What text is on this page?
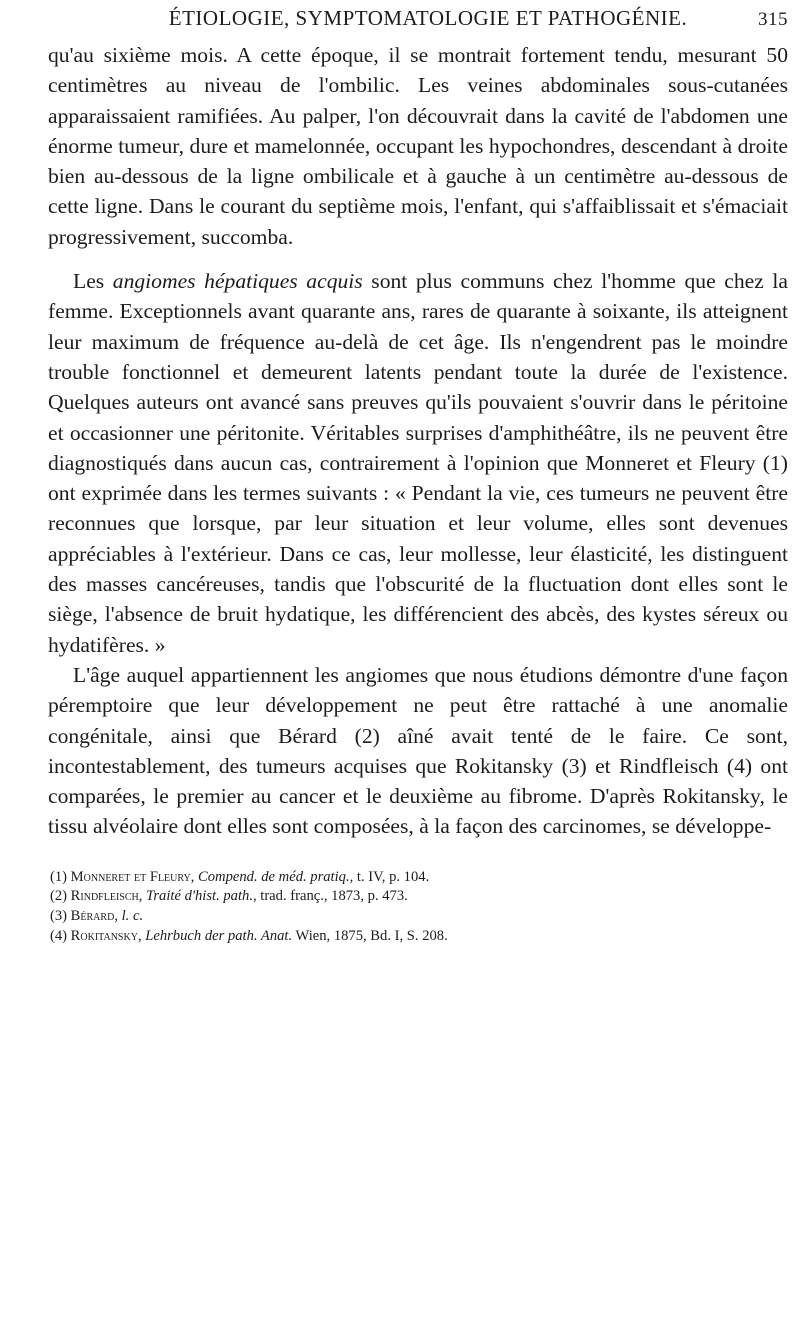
ÉTIOLOGIE, SYMPTOMATOLOGIE ET PATHOGÉNIE.	315

qu'au sixième mois. A cette époque, il se montrait fortement tendu, mesurant 50 centimètres au niveau de l'ombilic. Les veines abdominales sous-cutanées apparaissaient ramifiées. Au palper, l'on découvrait dans la cavité de l'abdomen une énorme tumeur, dure et mamelonnée, occupant les hypochondres, descendant à droite bien au-dessous de la ligne ombilicale et à gauche à un centimètre au-dessous de cette ligne. Dans le courant du septième mois, l'enfant, qui s'affaiblissait et s'émaciait progressivement, succomba.

Les angiomes hépatiques acquis sont plus communs chez l'homme que chez la femme. Exceptionnels avant quarante ans, rares de quarante à soixante, ils atteignent leur maximum de fréquence au-delà de cet âge. Ils n'engendrent pas le moindre trouble fonctionnel et demeurent latents pendant toute la durée de l'existence. Quelques auteurs ont avancé sans preuves qu'ils pouvaient s'ouvrir dans le péritoine et occasionner une péritonite. Véritables surprises d'amphithéâtre, ils ne peuvent être diagnostiqués dans aucun cas, contrairement à l'opinion que Monneret et Fleury (1) ont exprimée dans les termes suivants : « Pendant la vie, ces tumeurs ne peuvent être reconnues que lorsque, par leur situation et leur volume, elles sont devenues appréciables à l'extérieur. Dans ce cas, leur mollesse, leur élasticité, les distinguent des masses cancéreuses, tandis que l'obscurité de la fluctuation dont elles sont le siège, l'absence de bruit hydatique, les différencient des abcès, des kystes séreux ou hydatifères. »

L'âge auquel appartiennent les angiomes que nous étudions démontre d'une façon péremptoire que leur développement ne peut être rattaché à une anomalie congénitale, ainsi que Bérard (2) aîné avait tenté de le faire. Ce sont, incontestablement, des tumeurs acquises que Rokitansky (3) et Rindfleisch (4) ont comparées, le premier au cancer et le deuxième au fibrome. D'après Rokitansky, le tissu alvéolaire dont elles sont composées, à la façon des carcinomes, se développe-

(1) Monneret et Fleury, Compend. de méd. pratiq., t. IV, p. 104.

(2) Rindfleisch, Traité d'hist. path., trad. franç., 1873, p. 473.

(3) Bérard, l. c.

(4) Rokitansky, Lehrbuch der path. Anat. Wien, 1875, Bd. I, S. 208.
